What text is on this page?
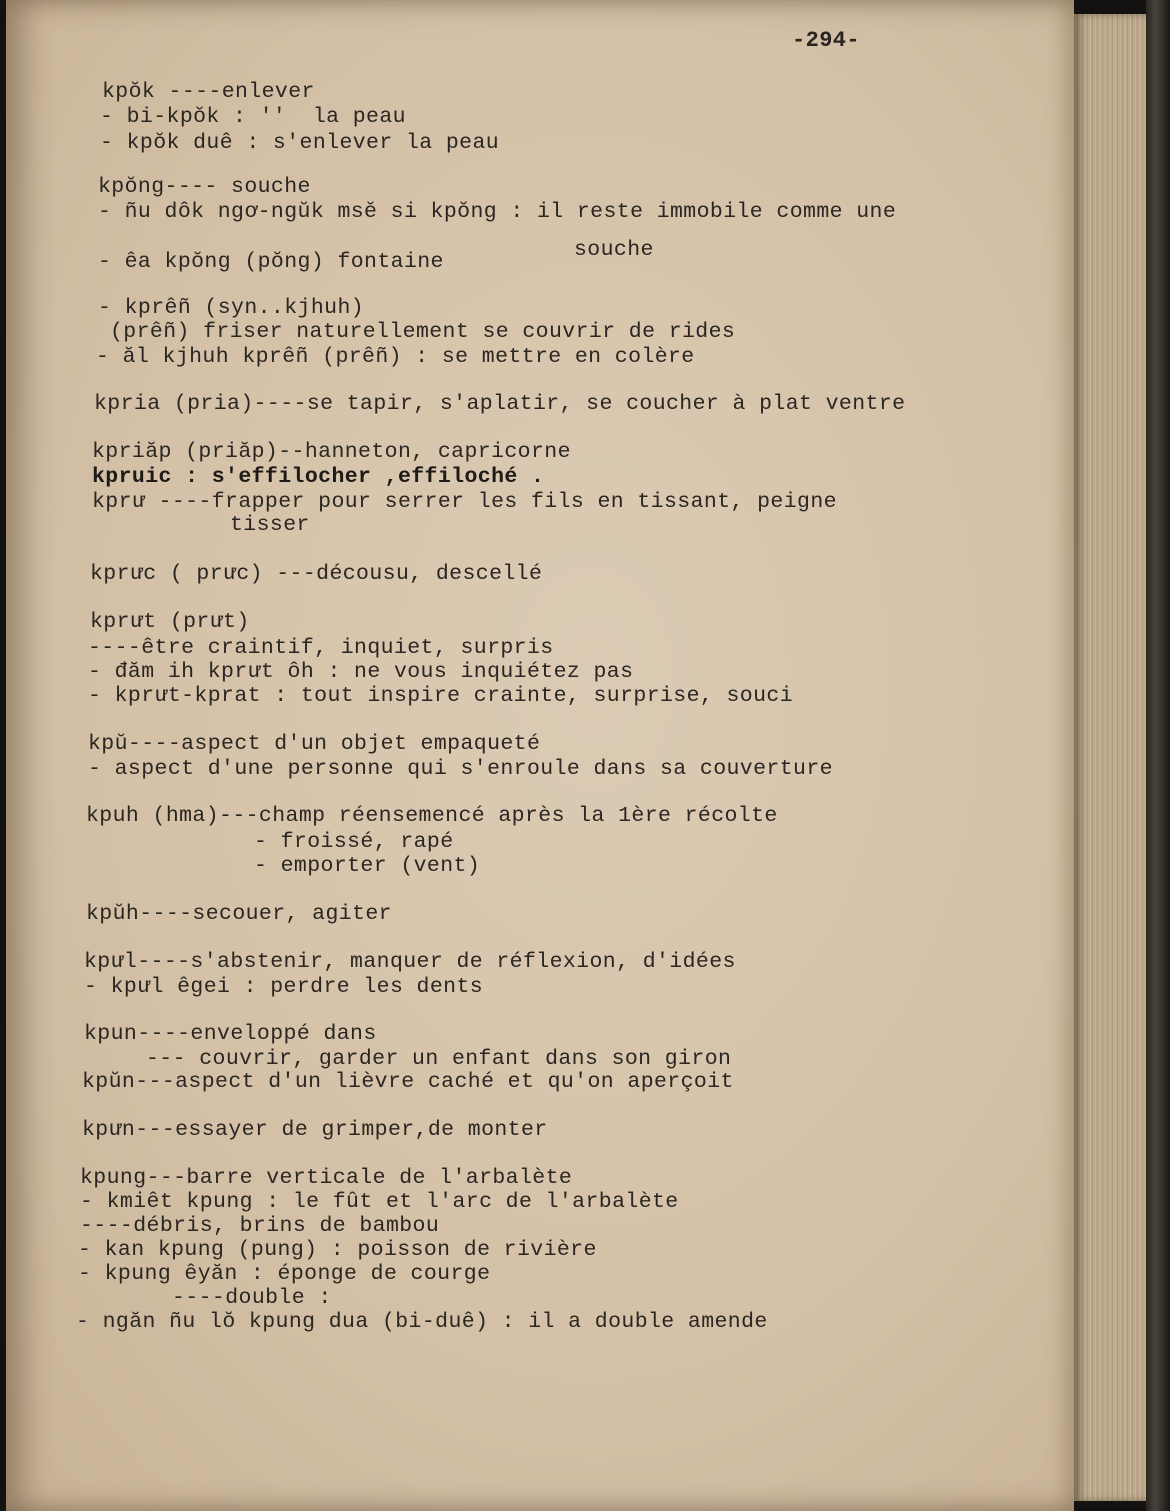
-294-
kpŏk ----enlever
- bi-kpŏk : ''  la peau
- kpŏk duê : s'enlever la peau
kpŏng---- souche
- ñu dôk ngơ-ngŭk msĕ si kpŏng : il reste immobile comme une
souche
- êa kpŏng (pŏng) fontaine
- kprêñ (syn..kjhuh)
(prêñ) friser naturellement se couvrir de rides
- ăl kjhuh kprêñ (prêñ) : se mettre en colère
kpria (pria)----se tapir, s'aplatir, se coucher à plat ventre
kpriăp (priăp)--hanneton, capricorne
kpruic : s'effilocher ,effiloché .
kprư ----frapper pour serrer les fils en tissant, peigne
tisser
kprưc ( prưc) ---décousu, descellé
kprưt (prưt)
----être craintif, inquiet, surpris
- đăm ih kprưt ôh : ne vous inquiétez pas
- kprưt-kprat : tout inspire crainte, surprise, souci
kpŭ----aspect d'un objet empaqueté
- aspect d'une personne qui s'enroule dans sa couverture
kpuh (hma)---champ réensemencé après la 1ère récolte
- froissé, rapé
- emporter (vent)
kpŭh----secouer, agiter
kpưl----s'abstenir, manquer de réflexion, d'idées
- kpưl êgei : perdre les dents
kpun----enveloppé dans
--- couvrir, garder un enfant dans son giron
kpŭn---aspect d'un lièvre caché et qu'on aperçoit
kpưn---essayer de grimper,de monter
kpung---barre verticale de l'arbalète
- kmiêt kpung : le fût et l'arc de l'arbalète
----débris, brins de bambou
- kan kpung (pung) : poisson de rivière
- kpung êyăn : éponge de courge
----double :
- ngăn ñu lŏ kpung dua (bi-duê) : il a double amende
